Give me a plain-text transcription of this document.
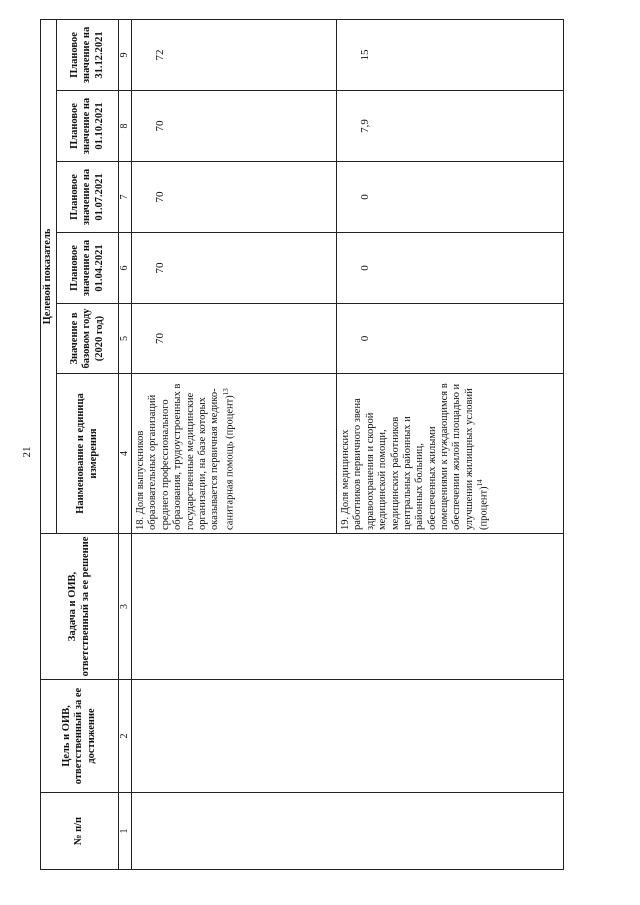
21
№ п/п	Цель и ОИВ, ответственный за ее достижение	Задача и ОИВ, ответственный за ее решение	Целевой показатель					
			Наименование и единица измерения	Значение в базовом году (2020 год)	Плановое значение на 01.04.2021	Плановое значение на 01.07.2021	Плановое значение на 01.10.2021	Плановое значение на 31.12.2021
1	2	3	4	5	6	7	8	9
			18. Доля выпускников образовательных организаций среднего профессионального образования, трудоустроенных в государственные медицинские организации, на базе которых оказывается первичная медико-санитарная помощь (процент)$^{13}$	70	70	70	70	72
			19. Доля медицинских работников первичного звена здравоохранения и скорой медицинской помощи, медицинских работников центральных районных и районных больниц, обеспеченных жилыми помещениями к нуждающимся в обеспечении жилой площадью и улучшении жилищных условий (процент)$^{14}$	0	0	0	7,9	15
